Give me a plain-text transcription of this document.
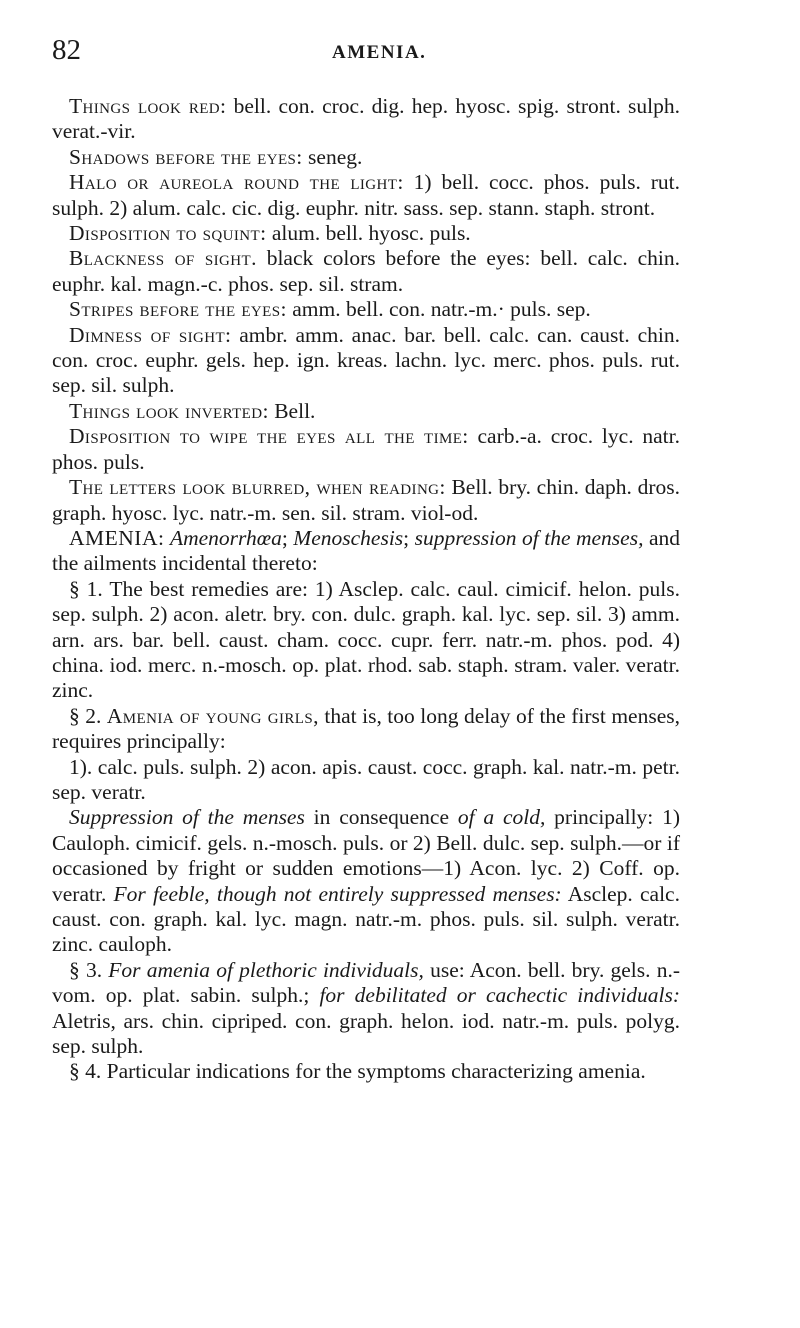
82	AMENIA.

Things look red: bell. con. croc. dig. hep. hyosc. spig. stront. sulph. verat.-vir.

Shadows before the eyes: seneg.

Halo or aureola round the light: 1) bell. cocc. phos. puls. rut. sulph. 2) alum. calc. cic. dig. euphr. nitr. sass. sep. stann. staph. stront.

Disposition to squint: alum. bell. hyosc. puls.

Blackness of sight. black colors before the eyes: bell. calc. chin. euphr. kal. magn.-c. phos. sep. sil. stram.

Stripes before the eyes: amm. bell. con. natr.-m.· puls. sep.

Dimness of sight: ambr. amm. anac. bar. bell. calc. can. caust. chin. con. croc. euphr. gels. hep. ign. kreas. lachn. lyc. merc. phos. puls. rut. sep. sil. sulph.

Things look inverted: Bell.

Disposition to wipe the eyes all the time: carb.-a. croc. lyc. natr. phos. puls.

The letters look blurred, when reading: Bell. bry. chin. daph. dros. graph. hyosc. lyc. natr.-m. sen. sil. stram. viol-od.

AMENIA: Amenorrhœa; Menoschesis; suppression of the menses, and the ailments incidental thereto:

§ 1. The best remedies are: 1) Asclep. calc. caul. cimicif. helon. puls. sep. sulph. 2) acon. aletr. bry. con. dulc. graph. kal. lyc. sep. sil. 3) amm. arn. ars. bar. bell. caust. cham. cocc. cupr. ferr. natr.-m. phos. pod. 4) china. iod. merc. n.-mosch. op. plat. rhod. sab. staph. stram. valer. veratr. zinc.

§ 2. Amenia of young girls, that is, too long delay of the first menses, requires principally:

1). calc. puls. sulph. 2) acon. apis. caust. cocc. graph. kal. natr.-m. petr. sep. veratr.

Suppression of the menses in consequence of a cold, principally: 1) Cauloph. cimicif. gels. n.-mosch. puls. or 2) Bell. dulc. sep. sulph.—or if occasioned by fright or sudden emotions—1) Acon. lyc. 2) Coff. op. veratr. For feeble, though not entirely suppressed menses: Asclep. calc. caust. con. graph. kal. lyc. magn. natr.-m. phos. puls. sil. sulph. veratr. zinc. cauloph.

§ 3. For amenia of plethoric individuals, use: Acon. bell. bry. gels. n.-vom. op. plat. sabin. sulph.; for debilitated or cachectic individuals: Aletris, ars. chin. cipriped. con. graph. helon. iod. natr.-m. puls. polyg. sep. sulph.

§ 4. Particular indications for the symptoms characterizing amenia.
